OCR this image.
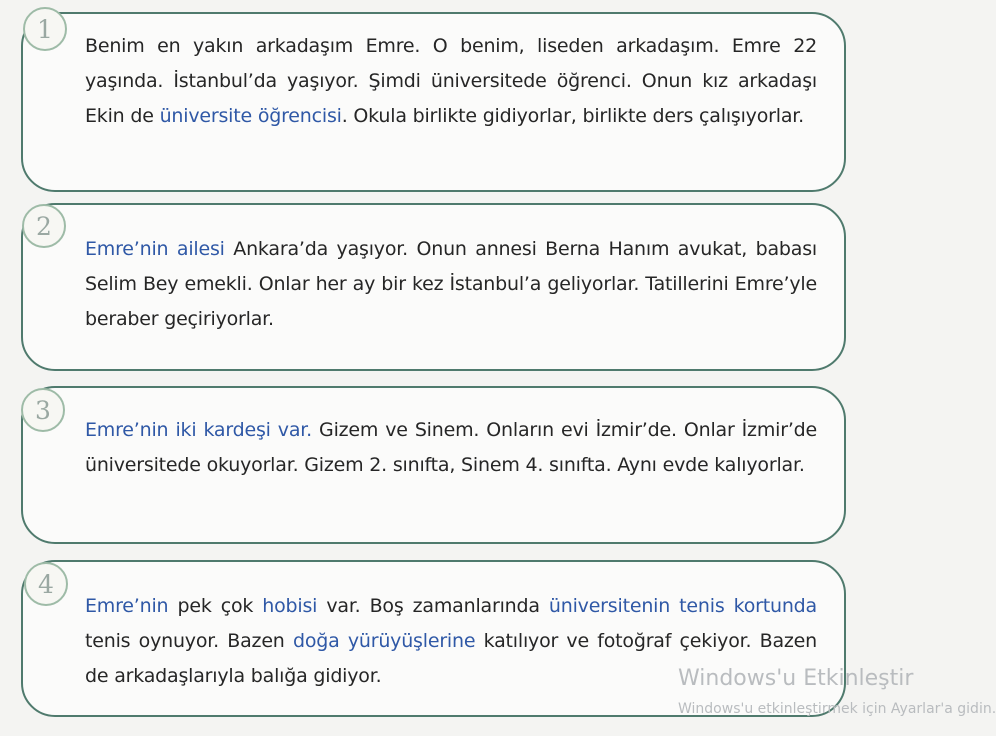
1
2
3
4

Benim en yakın arkadaşım Emre. O benim, liseden arkadaşım. Emre 22 yaşında. İstanbul’da yaşıyor. Şimdi üniversitede öğrenci. Onun kız arkadaşı Ekin de üniversite öğrencisi. Okula birlikte gidiyorlar, birlikte ders çalışıyorlar.

Emre’nin ailesi Ankara’da yaşıyor. Onun annesi Berna Hanım avukat, babası Selim Bey emekli. Onlar her ay bir kez İstanbul’a geliyorlar. Tatillerini Emre’yle beraber geçiriyorlar.

Emre’nin iki kardeşi var. Gizem ve Sinem. Onların evi İzmir’de. Onlar İzmir’de üniversitede okuyorlar. Gizem 2. sınıfta, Sinem 4. sınıfta. Aynı evde kalıyorlar.

Emre’nin pek çok hobisi var. Boş zamanlarında üniversitenin tenis kortunda tenis oynuyor. Bazen doğa yürüyüşlerine katılıyor ve fotoğraf çekiyor. Bazen de arkadaşlarıyla balığa gidiyor.	Windows'u Etkinleştir
Windows'u etkinleştirmek için Ayarlar'a gidin.
